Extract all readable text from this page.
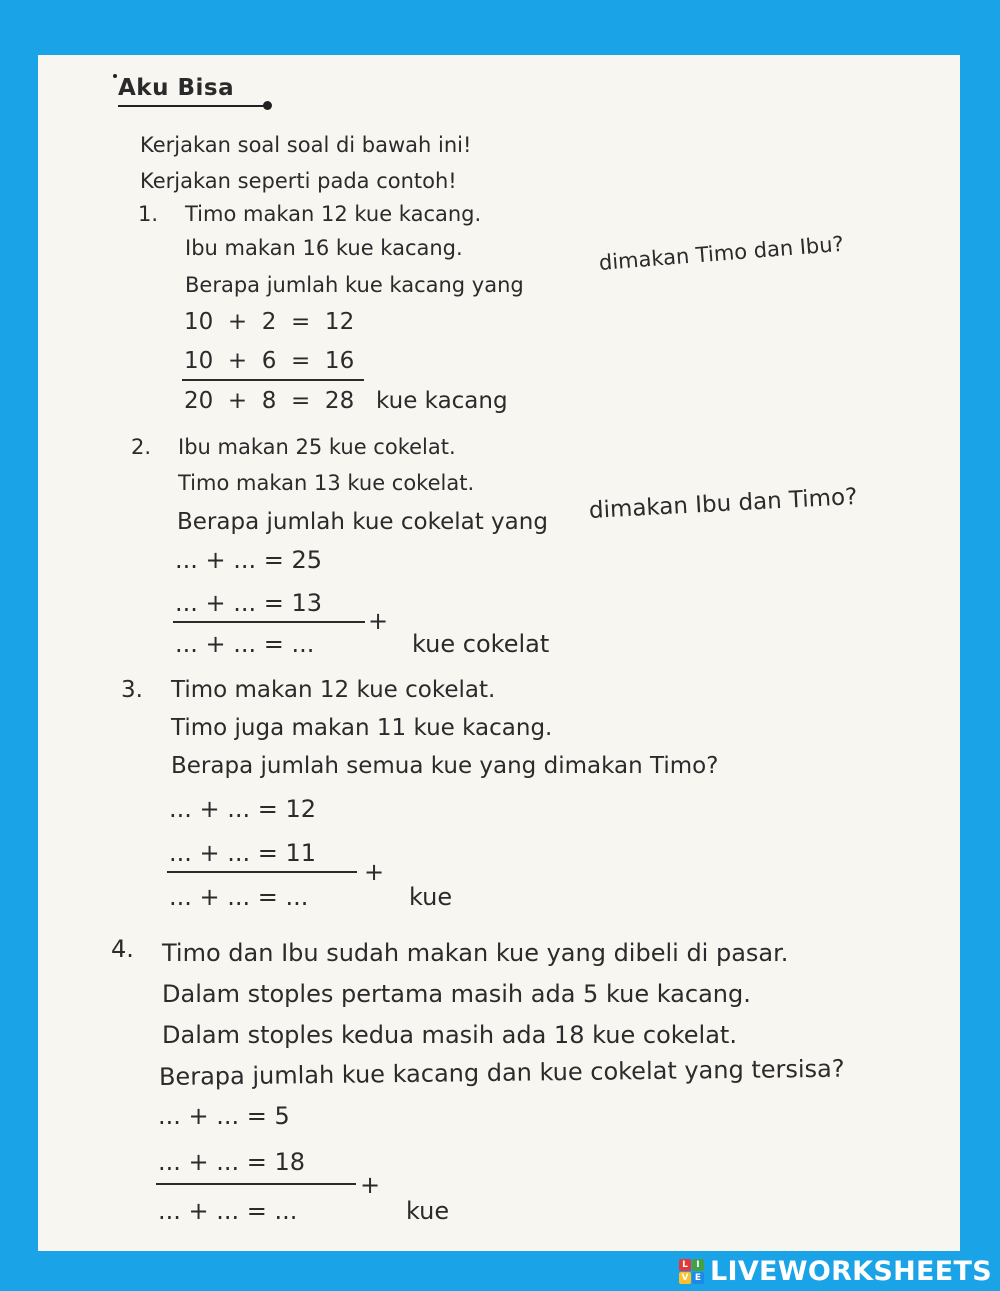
Aku Bisa
Kerjakan soal soal di bawah ini!
Kerjakan seperti pada contoh!
1. Timo makan 12 kue kacang.
Ibu makan 16 kue kacang.
Berapa jumlah kue kacang yang
dimakan Timo dan Ibu?
10  +  2  =  12
10  +  6  =  16
20  +  8  =  28 kue kacang
2. Ibu makan 25 kue cokelat.
Timo makan 13 kue cokelat.
Berapa jumlah kue cokelat yang dimakan Ibu dan Timo?
... + ... = 25
... + ... = 13
+
... + ... = ...	kue cokelat
3. Timo makan 12 kue cokelat.
Timo juga makan 11 kue kacang.
Berapa jumlah semua kue yang dimakan Timo?
... + ... = 12
... + ... = 11
+
... + ... = ...	kue
4. Timo dan Ibu sudah makan kue yang dibeli di pasar.
Dalam stoples pertama masih ada 5 kue kacang.
Dalam stoples kedua masih ada 18 kue cokelat.
Berapa jumlah kue kacang dan kue cokelat yang tersisa?
... + ... = 5
... + ... = 18
+
... + ... = ...	kue
L I
V E LIVEWORKSHEETS
